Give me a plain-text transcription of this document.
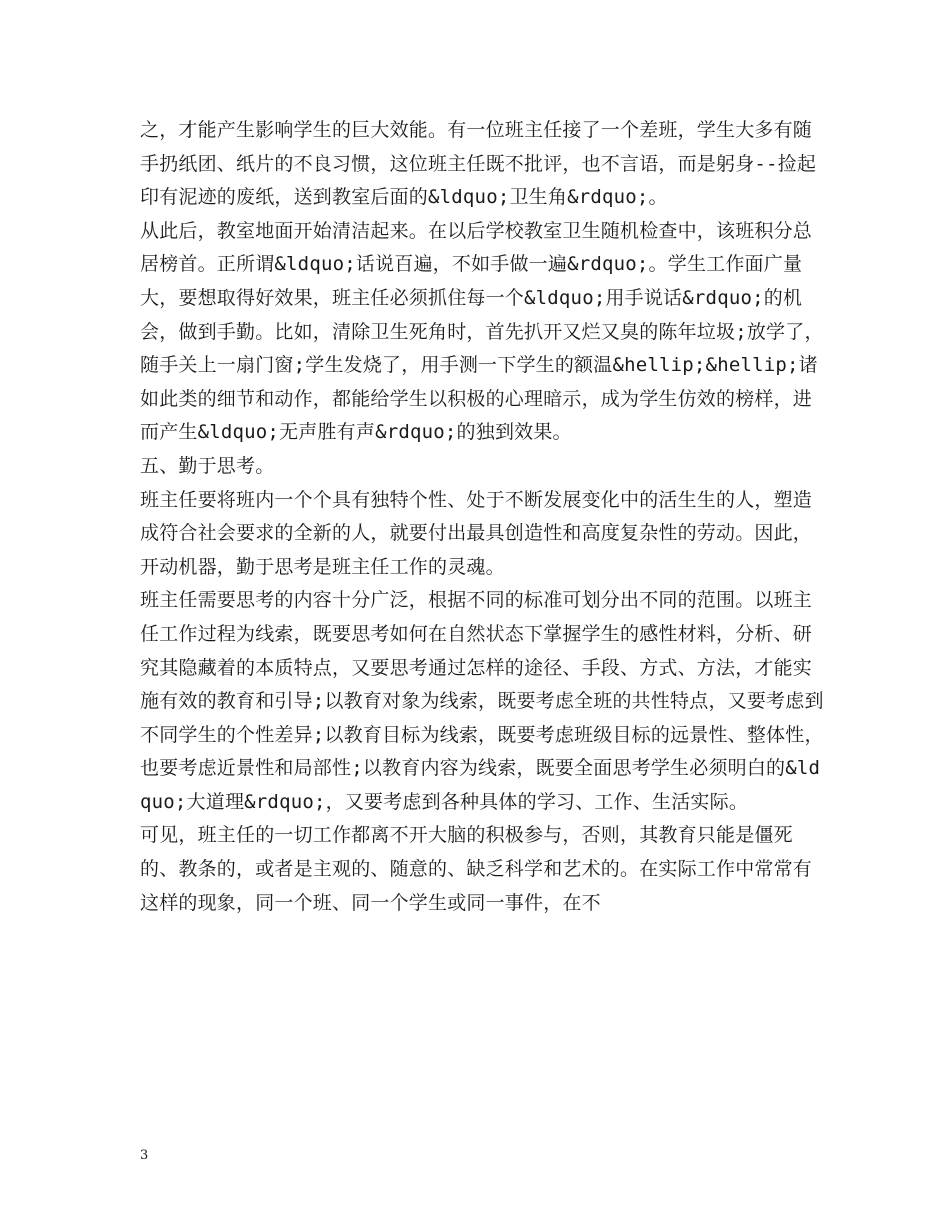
之，才能产生影响学生的巨大效能。有一位班主任接了一个差班，学生大多有随手扔纸团、纸片的不良习惯，这位班主任既不批评，也不言语，而是躬身--捡起印有泥迹的废纸，送到教室后面的&ldquo;卫生角&rdquo;。

从此后，教室地面开始清洁起来。在以后学校教室卫生随机检查中，该班积分总居榜首。正所谓&ldquo;话说百遍，不如手做一遍&rdquo;。学生工作面广量大，要想取得好效果，班主任必须抓住每一个&ldquo;用手说话&rdquo;的机会，做到手勤。比如，清除卫生死角时，首先扒开又烂又臭的陈年垃圾;放学了，随手关上一扇门窗;学生发烧了，用手测一下学生的额温&hellip;&hellip;诸如此类的细节和动作，都能给学生以积极的心理暗示，成为学生仿效的榜样，进而产生&ldquo;无声胜有声&rdquo;的独到效果。

五、勤于思考。

班主任要将班内一个个具有独特个性、处于不断发展变化中的活生生的人，塑造成符合社会要求的全新的人，就要付出最具创造性和高度复杂性的劳动。因此，开动机器，勤于思考是班主任工作的灵魂。

班主任需要思考的内容十分广泛，根据不同的标准可划分出不同的范围。以班主任工作过程为线索，既要思考如何在自然状态下掌握学生的感性材料，分析、研究其隐藏着的本质特点，又要思考通过怎样的途径、手段、方式、方法，才能实施有效的教育和引导;以教育对象为线索，既要考虑全班的共性特点，又要考虑到不同学生的个性差异;以教育目标为线索，既要考虑班级目标的远景性、整体性，也要考虑近景性和局部性;以教育内容为线索，既要全面思考学生必须明白的&ldquo;大道理&rdquo;，又要考虑到各种具体的学习、工作、生活实际。

可见，班主任的一切工作都离不开大脑的积极参与，否则，其教育只能是僵死的、教条的，或者是主观的、随意的、缺乏科学和艺术的。在实际工作中常常有这样的现象，同一个班、同一个学生或同一事件，在不

3
